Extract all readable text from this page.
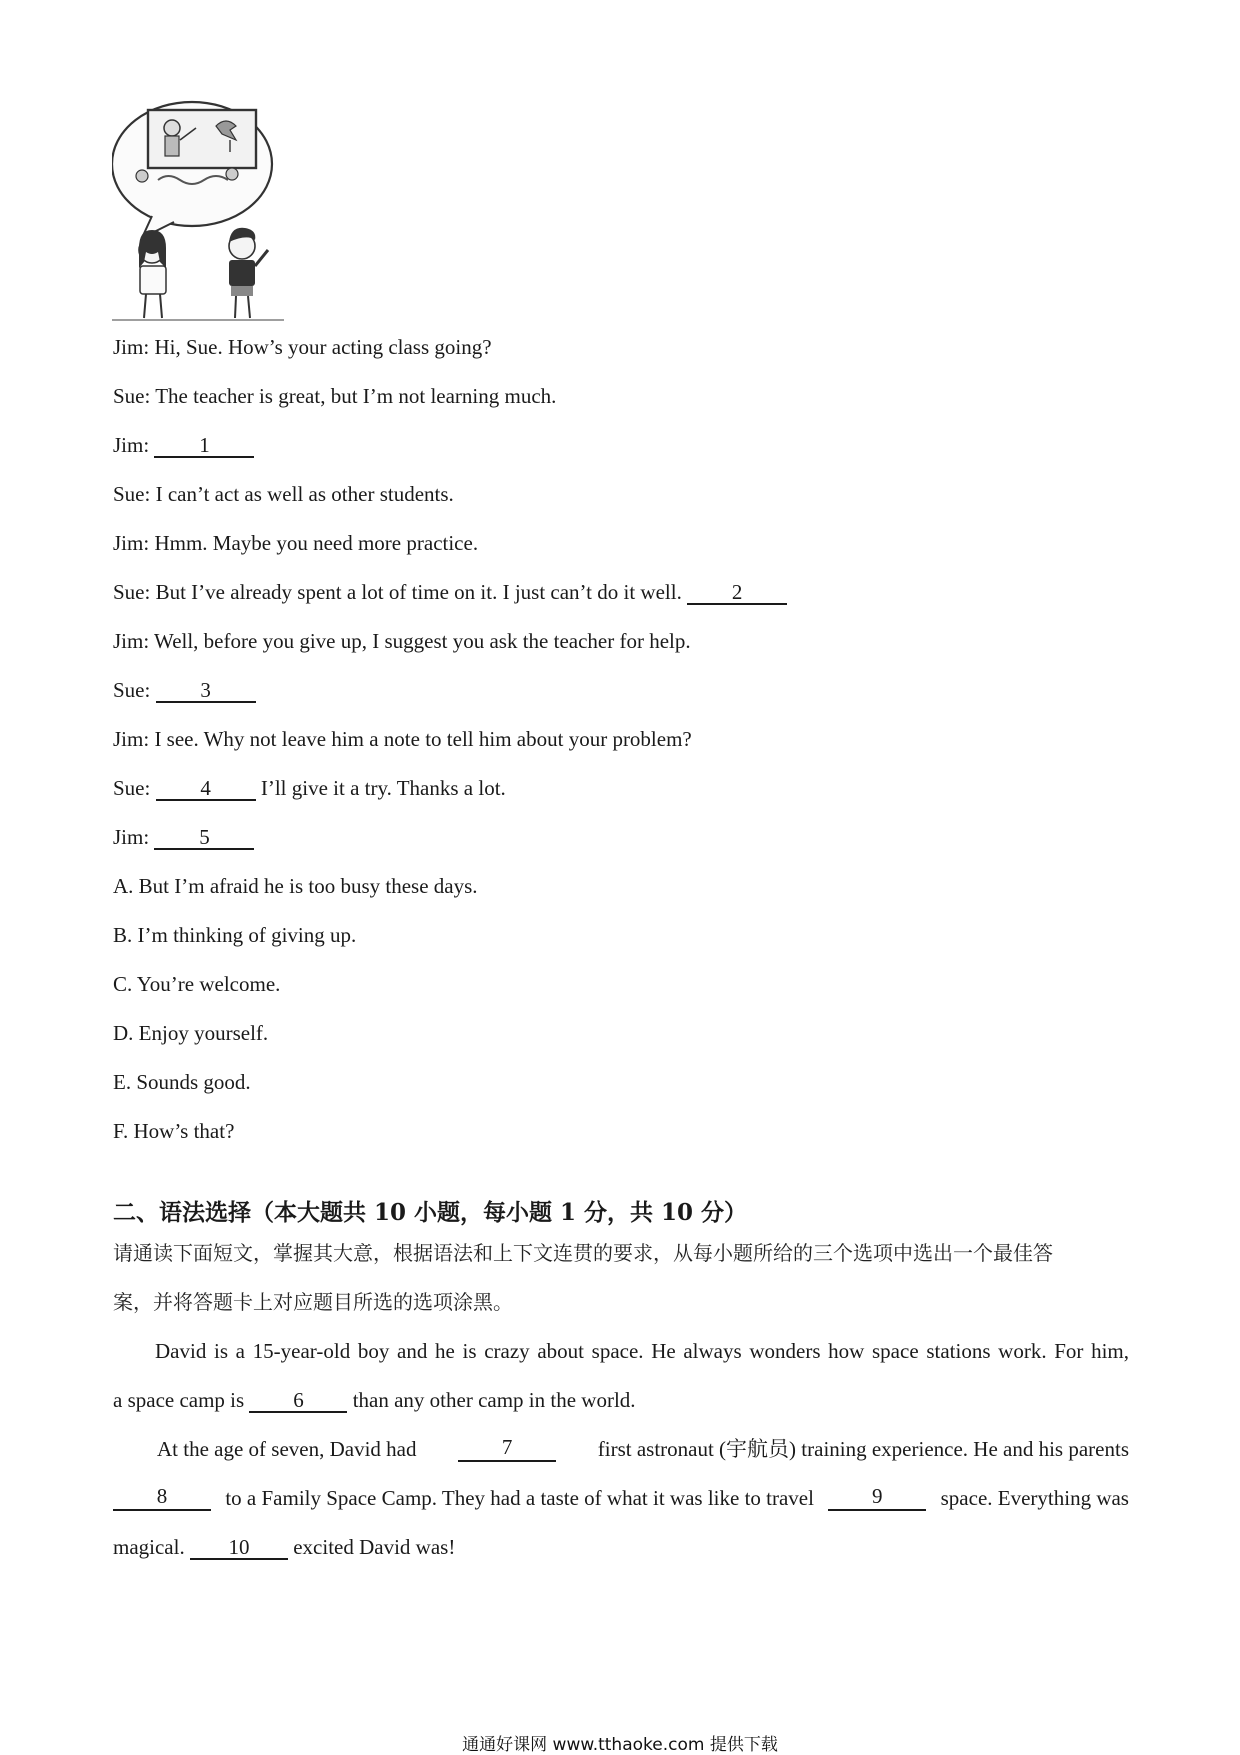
Jim: Hi, Sue. How’s your acting class going?
Sue: The teacher is great, but I’m not learning much.
Jim: 1
Sue: I can’t act as well as other students.
Jim: Hmm. Maybe you need more practice.
Sue: But I’ve already spent a lot of time on it. I just can’t do it well. 2
Jim: Well, before you give up, I suggest you ask the teacher for help.
Sue: 3
Jim: I see. Why not leave him a note to tell him about your problem?
Sue: 4 I’ll give it a try. Thanks a lot.
Jim: 5
A. But I’m afraid he is too busy these days.
B. I’m thinking of giving up.
C. You’re welcome.
D. Enjoy yourself.
E. Sounds good.
F. How’s that?
二、语法选择（本大题共 10 小题，每小题 1 分，共 10 分）
请通读下面短文，掌握其大意，根据语法和上下文连贯的要求，从每小题所给的三个选项中选出一个最佳答
案，并将答题卡上对应题目所选的选项涂黑。
David is a 15-year-old boy and he is crazy about space. He always wonders how space stations work. For him,
a space camp is 6 than any other camp in the world.
At the age of seven, David had	7	first astronaut (宇航员) training experience. He and his parents
8	to a Family Space Camp. They had a taste of what it was like to travel	9	space. Everything was
magical. 10 excited David was!
通通好课网 www.tthaoke.com 提供下载
